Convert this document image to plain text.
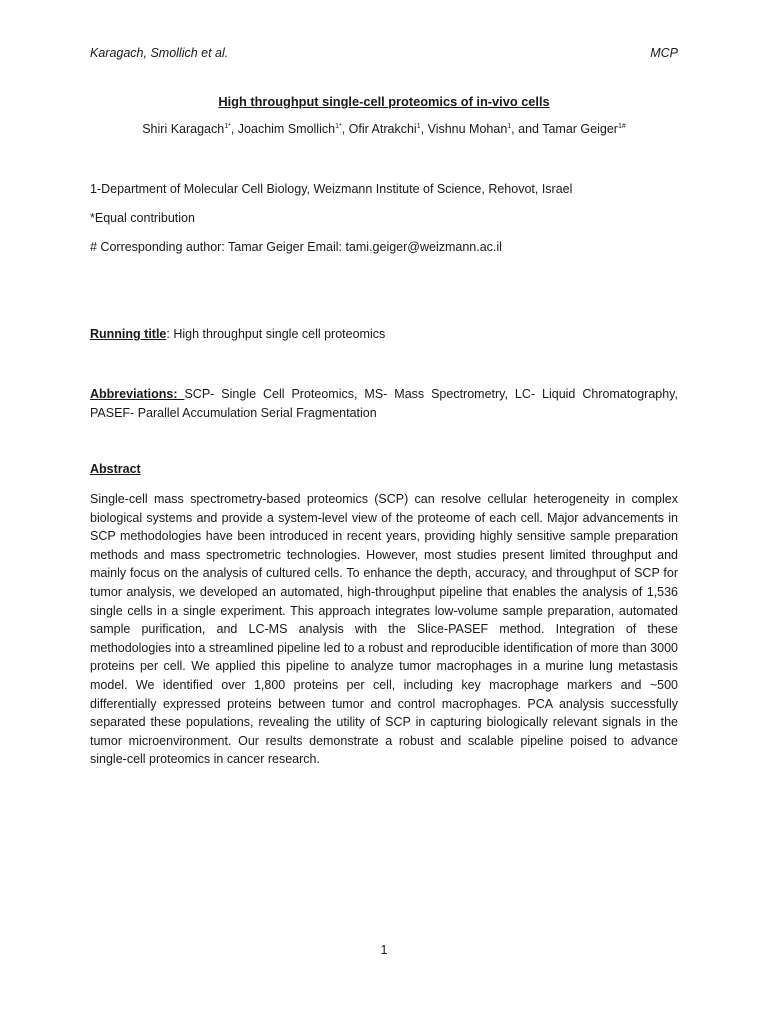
Karagach, Smollich et al.	MCP
High throughput single-cell proteomics of in-vivo cells
Shiri Karagach$^{1*}$, Joachim Smollich$^{1*}$, Ofir Atrakchi$^1$, Vishnu Mohan$^1$, and Tamar Geiger$^{1\#}$
1-Department of Molecular Cell Biology, Weizmann Institute of Science, Rehovot, Israel
*Equal contribution
# Corresponding author: Tamar Geiger Email: tami.geiger@weizmann.ac.il
Running title: High throughput single cell proteomics
Abbreviations: SCP- Single Cell Proteomics, MS- Mass Spectrometry, LC- Liquid Chromatography, PASEF- Parallel Accumulation Serial Fragmentation
Abstract
Single-cell mass spectrometry-based proteomics (SCP) can resolve cellular heterogeneity in complex biological systems and provide a system-level view of the proteome of each cell. Major advancements in SCP methodologies have been introduced in recent years, providing highly sensitive sample preparation methods and mass spectrometric technologies. However, most studies present limited throughput and mainly focus on the analysis of cultured cells. To enhance the depth, accuracy, and throughput of SCP for tumor analysis, we developed an automated, high-throughput pipeline that enables the analysis of 1,536 single cells in a single experiment. This approach integrates low-volume sample preparation, automated sample purification, and LC-MS analysis with the Slice-PASEF method. Integration of these methodologies into a streamlined pipeline led to a robust and reproducible identification of more than 3000 proteins per cell. We applied this pipeline to analyze tumor macrophages in a murine lung metastasis model. We identified over 1,800 proteins per cell, including key macrophage markers and ~500 differentially expressed proteins between tumor and control macrophages. PCA analysis successfully separated these populations, revealing the utility of SCP in capturing biologically relevant signals in the tumor microenvironment. Our results demonstrate a robust and scalable pipeline poised to advance single-cell proteomics in cancer research.
1
